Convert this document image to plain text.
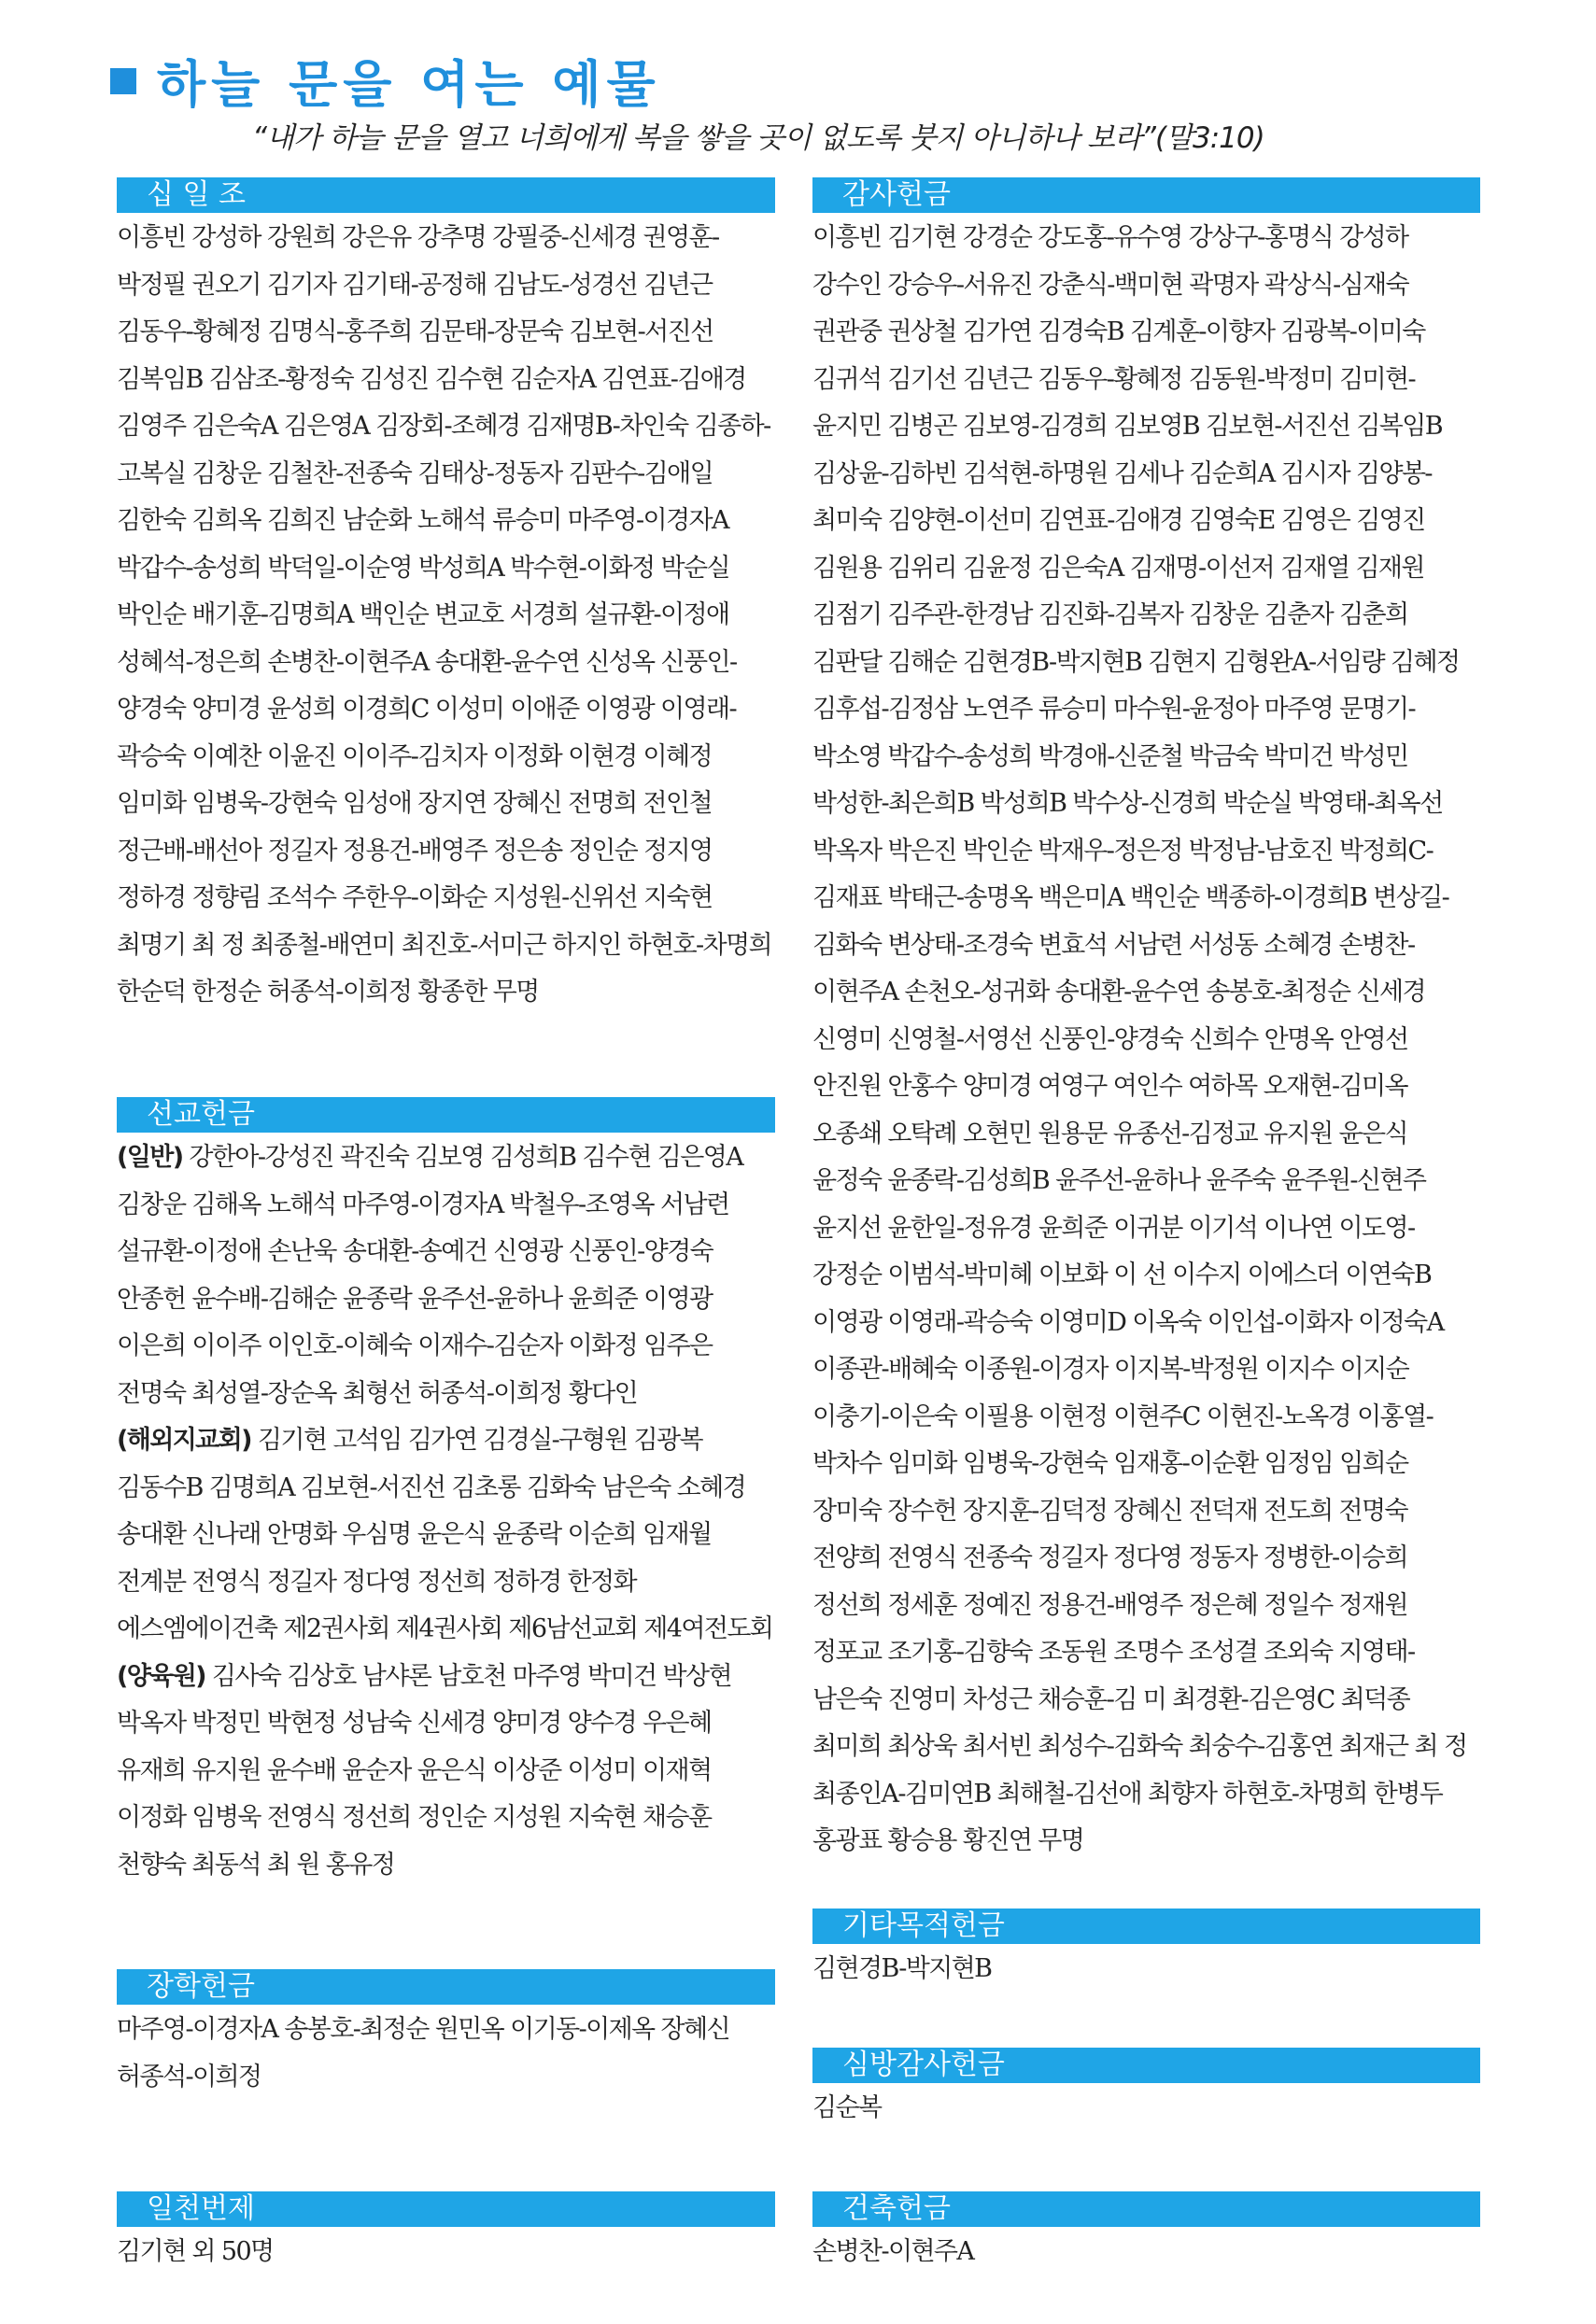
하늘 문을 여는 예물
“내가 하늘 문을 열고 너희에게 복을 쌓을 곳이 없도록 붓지 아니하나 보라”(말3:10)
십 일 조
이흥빈 강성하 강원희 강은유 강추명 강필중-신세경 권영훈-박정필 권오기 김기자 김기태-공정해 김남도-성경선 김년근 김동우-황혜정 김명식-홍주희 김문태-장문숙 김보현-서진선 김복임B 김삼조-황정숙 김성진 김수현 김순자A 김연표-김애경 김영주 김은숙A 김은영A 김장회-조혜경 김재명B-차인숙 김종하-고복실 김창운 김철찬-전종숙 김태상-정동자 김판수-김애일 김한숙 김희옥 김희진 남순화 노해석 류승미 마주영-이경자A 박갑수-송성희 박덕일-이순영 박성희A 박수현-이화정 박순실 박인순 배기훈-김명희A 백인순 변교호 서경희 설규환-이정애 성혜석-정은희 손병찬-이현주A 송대환-윤수연 신성옥 신풍인-양경숙 양미경 윤성희 이경희C 이성미 이애준 이영광 이영래-곽승숙 이예찬 이윤진 이이주-김치자 이정화 이현경 이혜정 임미화 임병욱-강현숙 임성애 장지연 장혜신 전명희 전인철 정근배-배선아 정길자 정용건-배영주 정은송 정인순 정지영 정하경 정향림 조석수 주한우-이화순 지성원-신위선 지숙현 최명기 최 정 최종철-배연미 최진호-서미근 하지인 하현호-차명희 한순덕 한정순 허종석-이희정 황종한 무명
선교헌금
(일반) 강한아-강성진 곽진숙 김보영 김성희B 김수현 김은영A 김창운 김해옥 노해석 마주영-이경자A 박철우-조영옥 서남련 설규환-이정애 손난욱 송대환-송예건 신영광 신풍인-양경숙 안종헌 윤수배-김해순 윤종락 윤주선-윤하나 윤희준 이영광 이은희 이이주 이인호-이혜숙 이재수-김순자 이화정 임주은 전명숙 최성열-장순옥 최형선 허종석-이희정 황다인
(해외지교회) 김기현 고석임 김가연 김경실-구형원 김광복 김동수B 김명희A 김보현-서진선 김초롱 김화숙 남은숙 소혜경 송대환 신나래 안명화 우심명 윤은식 윤종락 이순희 임재월 전계분 전영식 정길자 정다영 정선희 정하경 한정화 에스엠에이건축 제2권사회 제4권사회 제6남선교회 제4여전도회
(양육원) 김사숙 김상호 남샤론 남호천 마주영 박미건 박상현 박옥자 박정민 박현정 성남숙 신세경 양미경 양수경 우은혜 유재희 유지원 윤수배 윤순자 윤은식 이상준 이성미 이재혁 이정화 임병욱 전영식 정선희 정인순 지성원 지숙현 채승훈 천향숙 최동석 최 원 홍유정
장학헌금
마주영-이경자A 송봉호-최정순 원민옥 이기동-이제옥 장혜신 허종석-이희정
일천번제
김기현 외 50명
감사헌금
이흥빈 김기현 강경순 강도홍-유수영 강상구-홍명식 강성하 강수인 강승우-서유진 강춘식-백미현 곽명자 곽상식-심재숙 권관중 권상철 김가연 김경숙B 김계훈-이향자 김광복-이미숙 김귀석 김기선 김년근 김동우-황혜정 김동원-박정미 김미현-윤지민 김병곤 김보영-김경희 김보영B 김보현-서진선 김복임B 김상윤-김하빈 김석현-하명원 김세나 김순희A 김시자 김양봉-최미숙 김양현-이선미 김연표-김애경 김영숙E 김영은 김영진 김원용 김위리 김윤정 김은숙A 김재명-이선저 김재열 김재원 김점기 김주관-한경남 김진화-김복자 김창운 김춘자 김춘희 김판달 김해순 김현경B-박지현B 김현지 김형완A-서임량 김혜정 김후섭-김정삼 노연주 류승미 마수원-윤정아 마주영 문명기-박소영 박갑수-송성희 박경애-신준철 박금숙 박미건 박성민 박성한-최은희B 박성희B 박수상-신경희 박순실 박영태-최옥선 박옥자 박은진 박인순 박재우-정은정 박정남-남호진 박정희C-김재표 박태근-송명옥 백은미A 백인순 백종하-이경희B 변상길-김화숙 변상태-조경숙 변효석 서남련 서성동 소혜경 손병찬-이현주A 손천오-성귀화 송대환-윤수연 송봉호-최정순 신세경 신영미 신영철-서영선 신풍인-양경숙 신희수 안명옥 안영선 안진원 안홍수 양미경 여영구 여인수 여하목 오재현-김미옥 오종쇄 오탁례 오현민 원용문 유종선-김정교 유지원 윤은식 윤정숙 윤종락-김성희B 윤주선-윤하나 윤주숙 윤주원-신현주 윤지선 윤한일-정유경 윤희준 이귀분 이기석 이나연 이도영-강정순 이범석-박미혜 이보화 이 선 이수지 이에스더 이연숙B 이영광 이영래-곽승숙 이영미D 이옥숙 이인섭-이화자 이정숙A 이종관-배혜숙 이종원-이경자 이지복-박정원 이지수 이지순 이충기-이은숙 이필용 이현정 이현주C 이현진-노옥경 이홍열-박차수 임미화 임병욱-강현숙 임재홍-이순환 임정임 임희순 장미숙 장수헌 장지훈-김덕정 장혜신 전덕재 전도희 전명숙 전양희 전영식 전종숙 정길자 정다영 정동자 정병한-이승희 정선희 정세훈 정예진 정용건-배영주 정은혜 정일수 정재원 정포교 조기홍-김향숙 조동원 조명수 조성결 조외숙 지영태-남은숙 진영미 차성근 채승훈-김 미 최경환-김은영C 최덕종 최미희 최상욱 최서빈 최성수-김화숙 최숭수-김홍연 최재근 최 정 최종인A-김미연B 최해철-김선애 최향자 하현호-차명희 한병두 홍광표 황승용 황진연 무명
기타목적헌금
김현경B-박지현B
심방감사헌금
김순복
건축헌금
손병찬-이현주A
